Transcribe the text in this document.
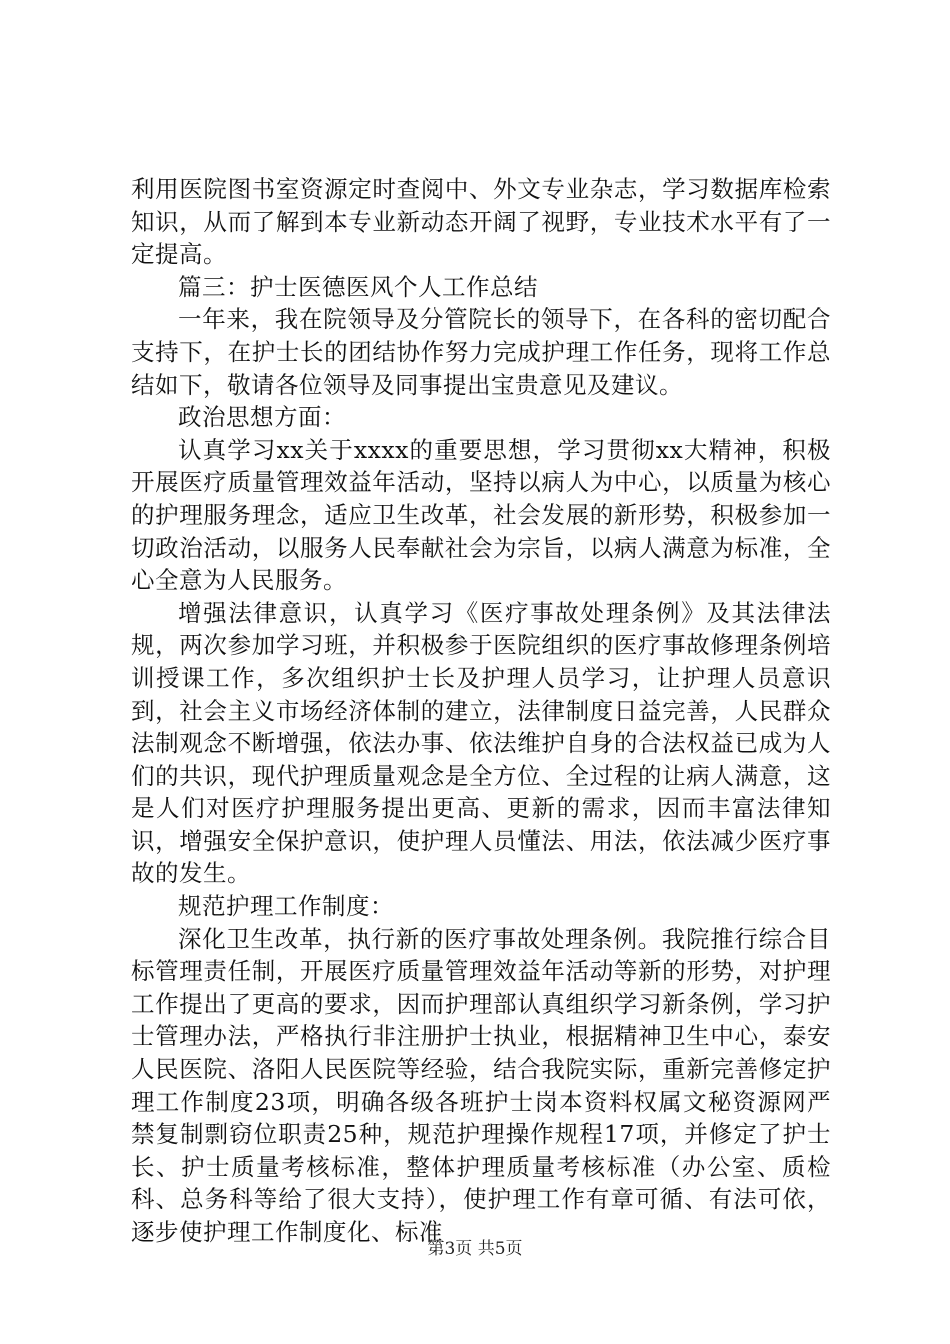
利用医院图书室资源定时查阅中、外文专业杂志，学习数据库检索知识，从而了解到本专业新动态开阔了视野，专业技术水平有了一定提高。

篇三：护士医德医风个人工作总结

一年来，我在院领导及分管院长的领导下，在各科的密切配合支持下，在护士长的团结协作努力完成护理工作任务，现将工作总结如下，敬请各位领导及同事提出宝贵意见及建议。

政治思想方面：

认真学习xx关于xxxx的重要思想，学习贯彻xx大精神，积极开展医疗质量管理效益年活动，坚持以病人为中心，以质量为核心的护理服务理念，适应卫生改革，社会发展的新形势，积极参加一切政治活动，以服务人民奉献社会为宗旨，以病人满意为标准，全心全意为人民服务。

增强法律意识，认真学习《医疗事故处理条例》及其法律法规，两次参加学习班，并积极参于医院组织的医疗事故修理条例培训授课工作，多次组织护士长及护理人员学习，让护理人员意识到，社会主义市场经济体制的建立，法律制度日益完善，人民群众法制观念不断增强，依法办事、依法维护自身的合法权益已成为人们的共识，现代护理质量观念是全方位、全过程的让病人满意，这是人们对医疗护理服务提出更高、更新的需求，因而丰富法律知识，增强安全保护意识，使护理人员懂法、用法，依法减少医疗事故的发生。

规范护理工作制度：

深化卫生改革，执行新的医疗事故处理条例。我院推行综合目标管理责任制，开展医疗质量管理效益年活动等新的形势，对护理工作提出了更高的要求，因而护理部认真组织学习新条例，学习护士管理办法，严格执行非注册护士执业，根据精神卫生中心，泰安人民医院、洛阳人民医院等经验，结合我院实际，重新完善修定护理工作制度23项，明确各级各班护士岗本资料权属文秘资源网严禁复制剽窃位职责25种，规范护理操作规程17项，并修定了护士长、护士质量考核标准，整体护理质量考核标准（办公室、质检科、总务科等给了很大支持），使护理工作有章可循、有法可依，逐步使护理工作制度化、标准

第3页 共5页
